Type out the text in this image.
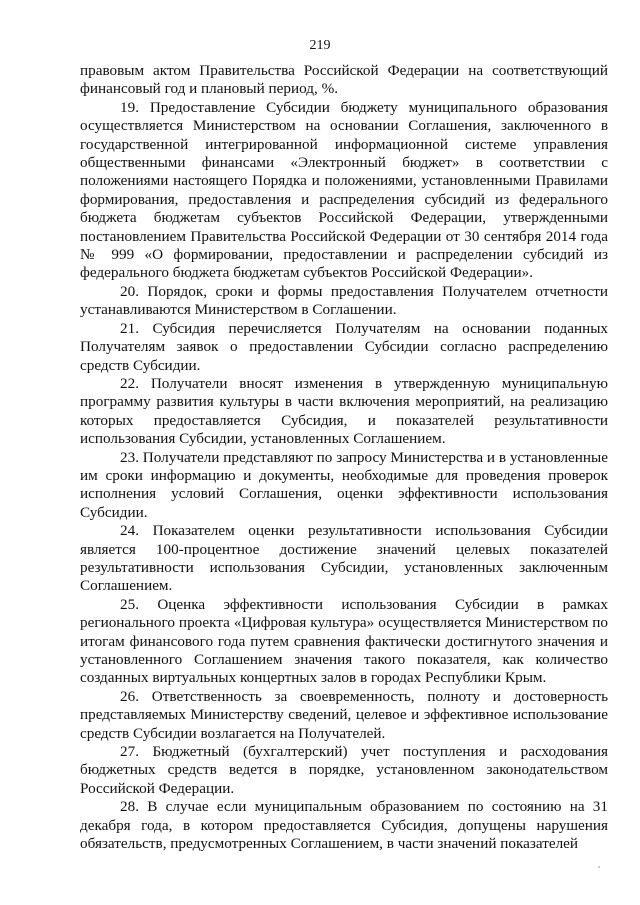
219

правовым актом Правительства Российской Федерации на соответствующий финансовый год и плановый период, %.

19. Предоставление Субсидии бюджету муниципального образования осуществляется Министерством на основании Соглашения, заключенного в государственной интегрированной информационной системе управления общественными финансами «Электронный бюджет» в соответствии с положениями настоящего Порядка и положениями, установленными Правилами формирования, предоставления и распределения субсидий из федерального бюджета бюджетам субъектов Российской Федерации, утвержденными постановлением Правительства Российской Федерации от 30 сентября 2014 года № 999 «О формировании, предоставлении и распределении субсидий из федерального бюджета бюджетам субъектов Российской Федерации».

20. Порядок, сроки и формы предоставления Получателем отчетности устанавливаются Министерством в Соглашении.

21. Субсидия перечисляется Получателям на основании поданных Получателям заявок о предоставлении Субсидии согласно распределению средств Субсидии.

22. Получатели вносят изменения в утвержденную муниципальную программу развития культуры в части включения мероприятий, на реализацию которых предоставляется Субсидия, и показателей результативности использования Субсидии, установленных Соглашением.

23. Получатели представляют по запросу Министерства и в установленные им сроки информацию и документы, необходимые для проведения проверок исполнения условий Соглашения, оценки эффективности использования Субсидии.

24. Показателем оценки результативности использования Субсидии является 100-процентное достижение значений целевых показателей результативности использования Субсидии, установленных заключенным Соглашением.

25. Оценка эффективности использования Субсидии в рамках регионального проекта «Цифровая культура» осуществляется Министерством по итогам финансового года путем сравнения фактически достигнутого значения и установленного Соглашением значения такого показателя, как количество созданных виртуальных концертных залов в городах Республики Крым.

26. Ответственность за своевременность, полноту и достоверность представляемых Министерству сведений, целевое и эффективное использование средств Субсидии возлагается на Получателей.

27. Бюджетный (бухгалтерский) учет поступления и расходования бюджетных средств ведется в порядке, установленном законодательством Российской Федерации.

28. В случае если муниципальным образованием по состоянию на 31 декабря года, в котором предоставляется Субсидия, допущены нарушения обязательств, предусмотренных Соглашением, в части значений показателей
